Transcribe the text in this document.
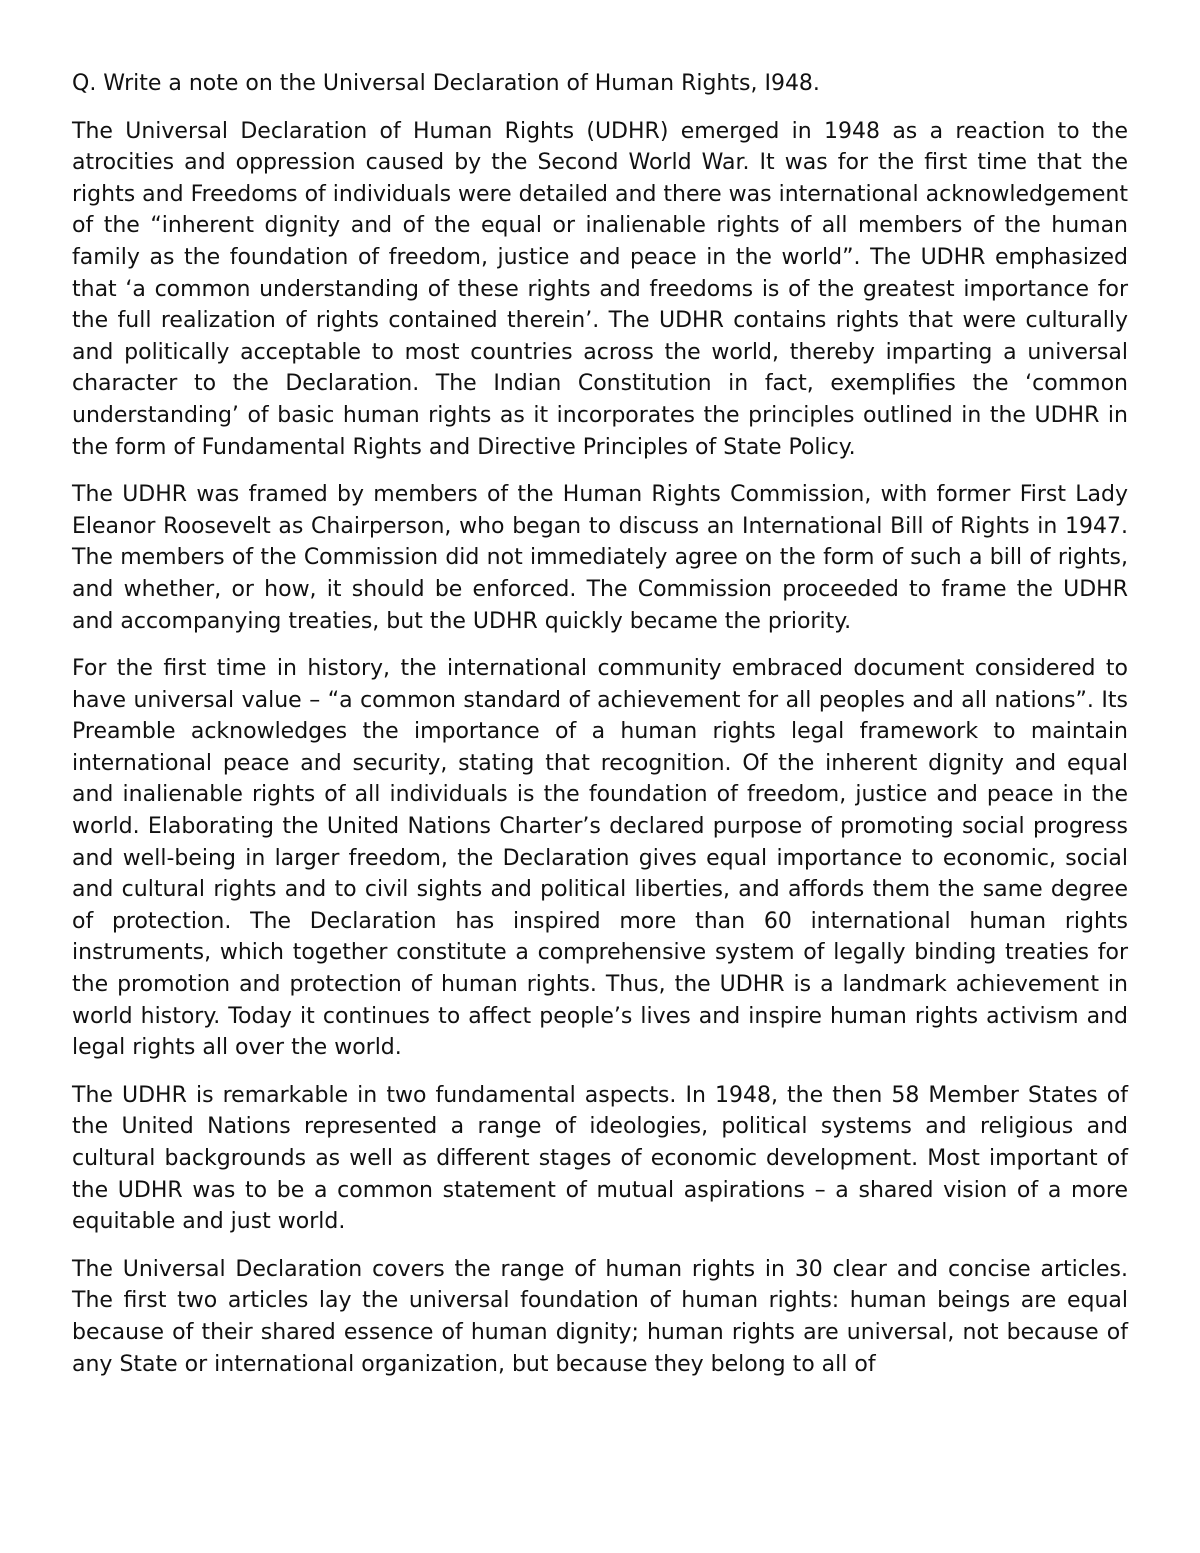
Q. Write a note on the Universal Declaration of Human Rights, I948.

The Universal Declaration of Human Rights (UDHR) emerged in 1948 as a reaction to the atrocities and oppression caused by the Second World War. It was for the first time that the rights and Freedoms of individuals were detailed and there was international acknowledgement of the “inherent dignity and of the equal or inalienable rights of all members of the human family as the foundation of freedom, justice and peace in the world”. The UDHR emphasized that ‘a common understanding of these rights and freedoms is of the greatest importance for the full realization of rights contained therein’. The UDHR contains rights that were culturally and politically acceptable to most countries across the world, thereby imparting a universal character to the Declaration. The Indian Constitution in fact, exemplifies the ‘common understanding’ of basic human rights as it incorporates the principles outlined in the UDHR in the form of Fundamental Rights and Directive Principles of State Policy.

The UDHR was framed by members of the Human Rights Commission, with former First Lady Eleanor Roosevelt as Chairperson, who began to discuss an International Bill of Rights in 1947. The members of the Commission did not immediately agree on the form of such a bill of rights, and whether, or how, it should be enforced. The Commission proceeded to frame the UDHR and accompanying treaties, but the UDHR quickly became the priority.

For the first time in history, the international community embraced document considered to have universal value – “a common standard of achievement for all peoples and all nations”. Its Preamble acknowledges the importance of a human rights legal framework to maintain international peace and security, stating that recognition. Of the inherent dignity and equal and inalienable rights of all individuals is the foundation of freedom, justice and peace in the world. Elaborating the United Nations Charter’s declared purpose of promoting social progress and well-being in larger freedom, the Declaration gives equal importance to economic, social and cultural rights and to civil sights and political liberties, and affords them the same degree of protection. The Declaration has inspired more than 60 international human rights instruments, which together constitute a comprehensive system of legally binding treaties for the promotion and protection of human rights. Thus, the UDHR is a landmark achievement in world history. Today it continues to affect people’s lives and inspire human rights activism and legal rights all over the world.

The UDHR is remarkable in two fundamental aspects. In 1948, the then 58 Member States of the United Nations represented a range of ideologies, political systems and religious and cultural backgrounds as well as different stages of economic development. Most important of the UDHR was to be a common statement of mutual aspirations – a shared vision of a more equitable and just world.

The Universal Declaration covers the range of human rights in 30 clear and concise articles. The first two articles lay the universal foundation of human rights: human beings are equal because of their shared essence of human dignity; human rights are universal, not because of any State or international organization, but because they belong to all of
